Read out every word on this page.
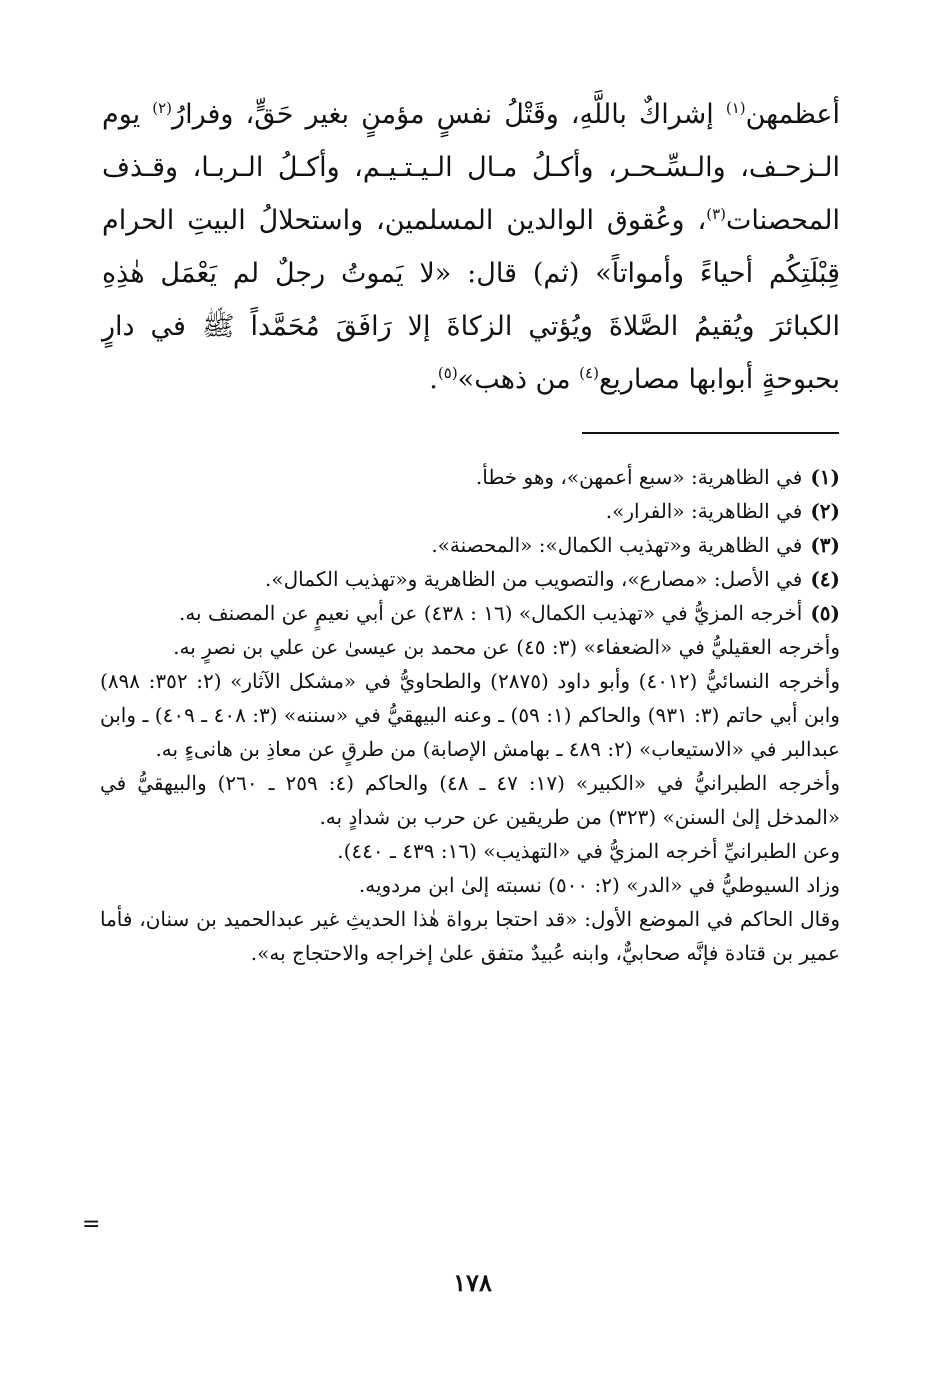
أعظمهن$^{(١)}$ إشراكٌ باللَّهِ، وقَتْلُ نفسٍ مؤمنٍ بغير حَقٍّ، وفرارُ$^{(٢)}$ يوم الـزحـف، والـسِّـحـر، وأكـلُ مـال الـيـتـيـم، وأكـلُ الـربـا، وقـذف المحصنات$^{(٣)}$، وعُقوق الوالدين المسلمين، واستحلالُ البيتِ الحرام قِبْلَتِكُم أحياءً وأمواتاً» (ثم) قال: «لا يَموتُ رجلٌ لم يَعْمَل هٰذِهِ الكبائرَ ويُقيمُ الصَّلاةَ ويُؤتي الزكاةَ إلا رَافَقَ مُحَمَّداً ﷺ في دارٍ بحبوحةٍ أبوابها مصاريع$^{(٤)}$ من ذهب»$^{(٥)}$.

(١)في الظاهرية: «سبع أعمهن»، وهو خطأ.
(٢)في الظاهرية: «الفرار».
(٣)في الظاهرية و«تهذيب الكمال»: «المحصنة».
(٤)في الأصل: «مصارع»، والتصويب من الظاهرية و«تهذيب الكمال».
(٥)أخرجه المزيُّ في «تهذيب الكمال» (١٦ : ٤٣٨) عن أبي نعيمٍ عن المصنف به.
وأخرجه العقيليُّ في «الضعفاء» (٣: ٤٥) عن محمد بن عيسىٰ عن علي بن نصرٍ به.
وأخرجه النسائيُّ (٤٠١٢) وأبو داود (٢٨٧٥) والطحاويُّ في «مشكل الآثار» (٢: ٣٥٢: ٨٩٨) وابن أبي حاتم (٣: ٩٣١) والحاكم (١: ٥٩) ـ وعنه البيهقيُّ في «سننه» (٣: ٤٠٨ ـ ٤٠٩) ـ وابن عبدالبر في «الاستيعاب» (٢: ٤٨٩ ـ بهامش الإصابة) من طرقٍ عن معاذِ بن هانىءٍ به.
وأخرجه الطبرانيُّ في «الكبير» (١٧: ٤٧ ـ ٤٨) والحاكم (٤: ٢٥٩ ـ ٢٦٠) والبيهقيُّ في «المدخل إلىٰ السنن» (٣٢٣) من طريقين عن حرب بن شدادٍ به.
وعن الطبرانيِّ أخرجه المزيُّ في «التهذيب» (١٦: ٤٣٩ ـ ٤٤٠).
وزاد السيوطيُّ في «الدر» (٢: ٥٠٠) نسبته إلىٰ ابن مردويه.
وقال الحاكم في الموضع الأول: «قد احتجا برواة هٰذا الحديثِ غير عبدالحميد بن سنان، فأما عمير بن قتادة فإنَّه صحابيٌّ، وابنه عُبيدٌ متفق علىٰ إخراجه والاحتجاج به».
=
١٧٨
